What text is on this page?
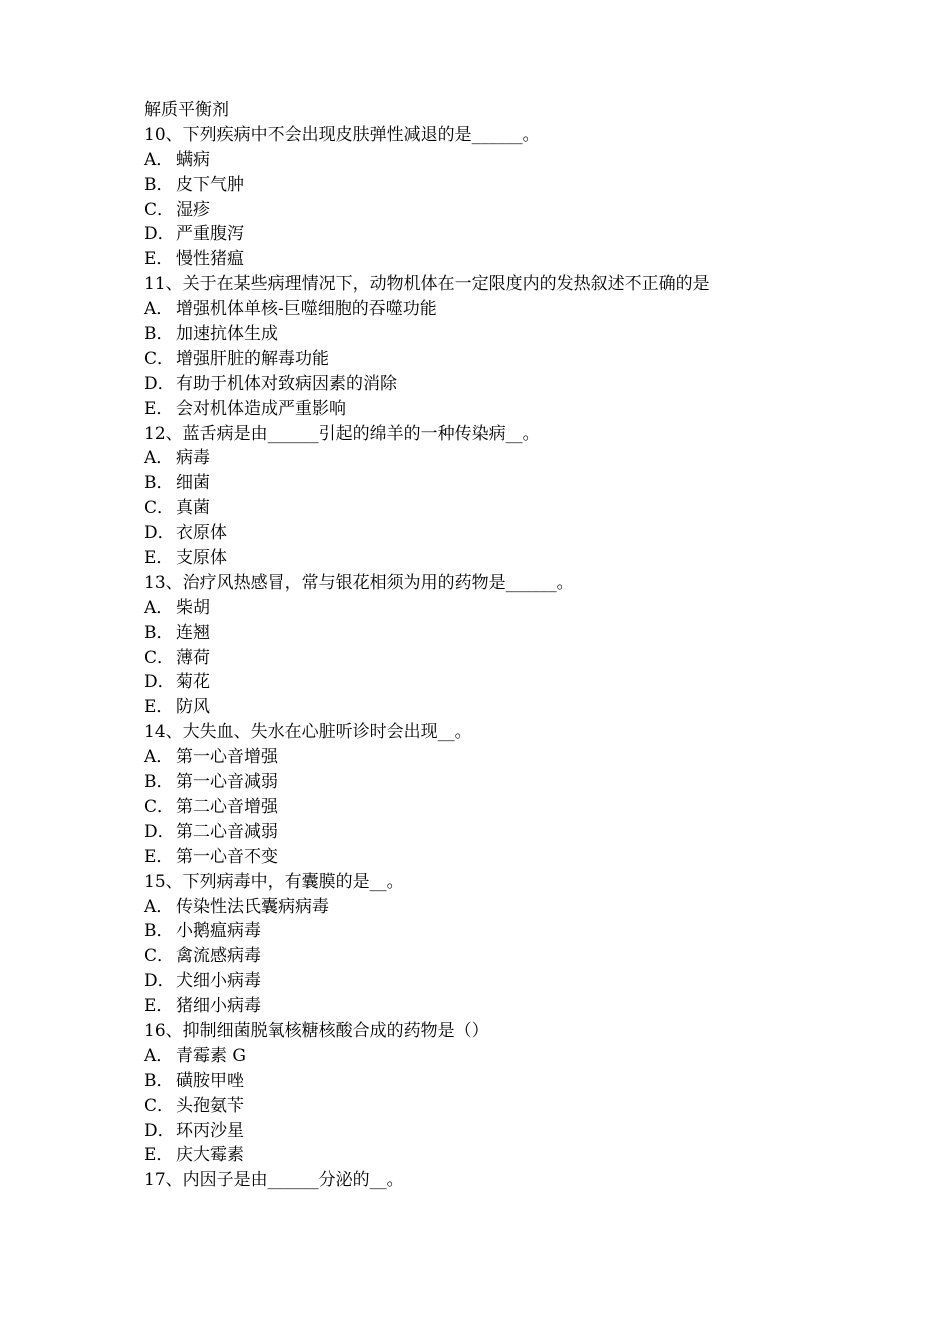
解质平衡剂
10、下列疾病中不会出现皮肤弹性减退的是______。
A． 螨病
B． 皮下气肿
C． 湿疹
D．严重腹泻
E． 慢性猪瘟
11、关于在某些病理情况下，动物机体在一定限度内的发热叙述不正确的是
A． 增强机体单核-巨噬细胞的吞噬功能
B． 加速抗体生成
C． 增强肝脏的解毒功能
D．有助于机体对致病因素的消除
E． 会对机体造成严重影响
12、蓝舌病是由______引起的绵羊的一种传染病__。
A． 病毒
B． 细菌
C． 真菌
D．衣原体
E． 支原体
13、治疗风热感冒，常与银花相须为用的药物是______。
A． 柴胡
B． 连翘
C． 薄荷
D．菊花
E． 防风
14、大失血、失水在心脏听诊时会出现__。
A． 第一心音增强
B． 第一心音减弱
C． 第二心音增强
D．第二心音减弱
E． 第一心音不变
15、下列病毒中，有囊膜的是__。
A． 传染性法氏囊病病毒
B． 小鹅瘟病毒
C． 禽流感病毒
D．犬细小病毒
E． 猪细小病毒
16、抑制细菌脱氧核糖核酸合成的药物是（）
A． 青霉素 G
B． 磺胺甲唑
C． 头孢氨苄
D．环丙沙星
E． 庆大霉素
17、内因子是由______分泌的__。
